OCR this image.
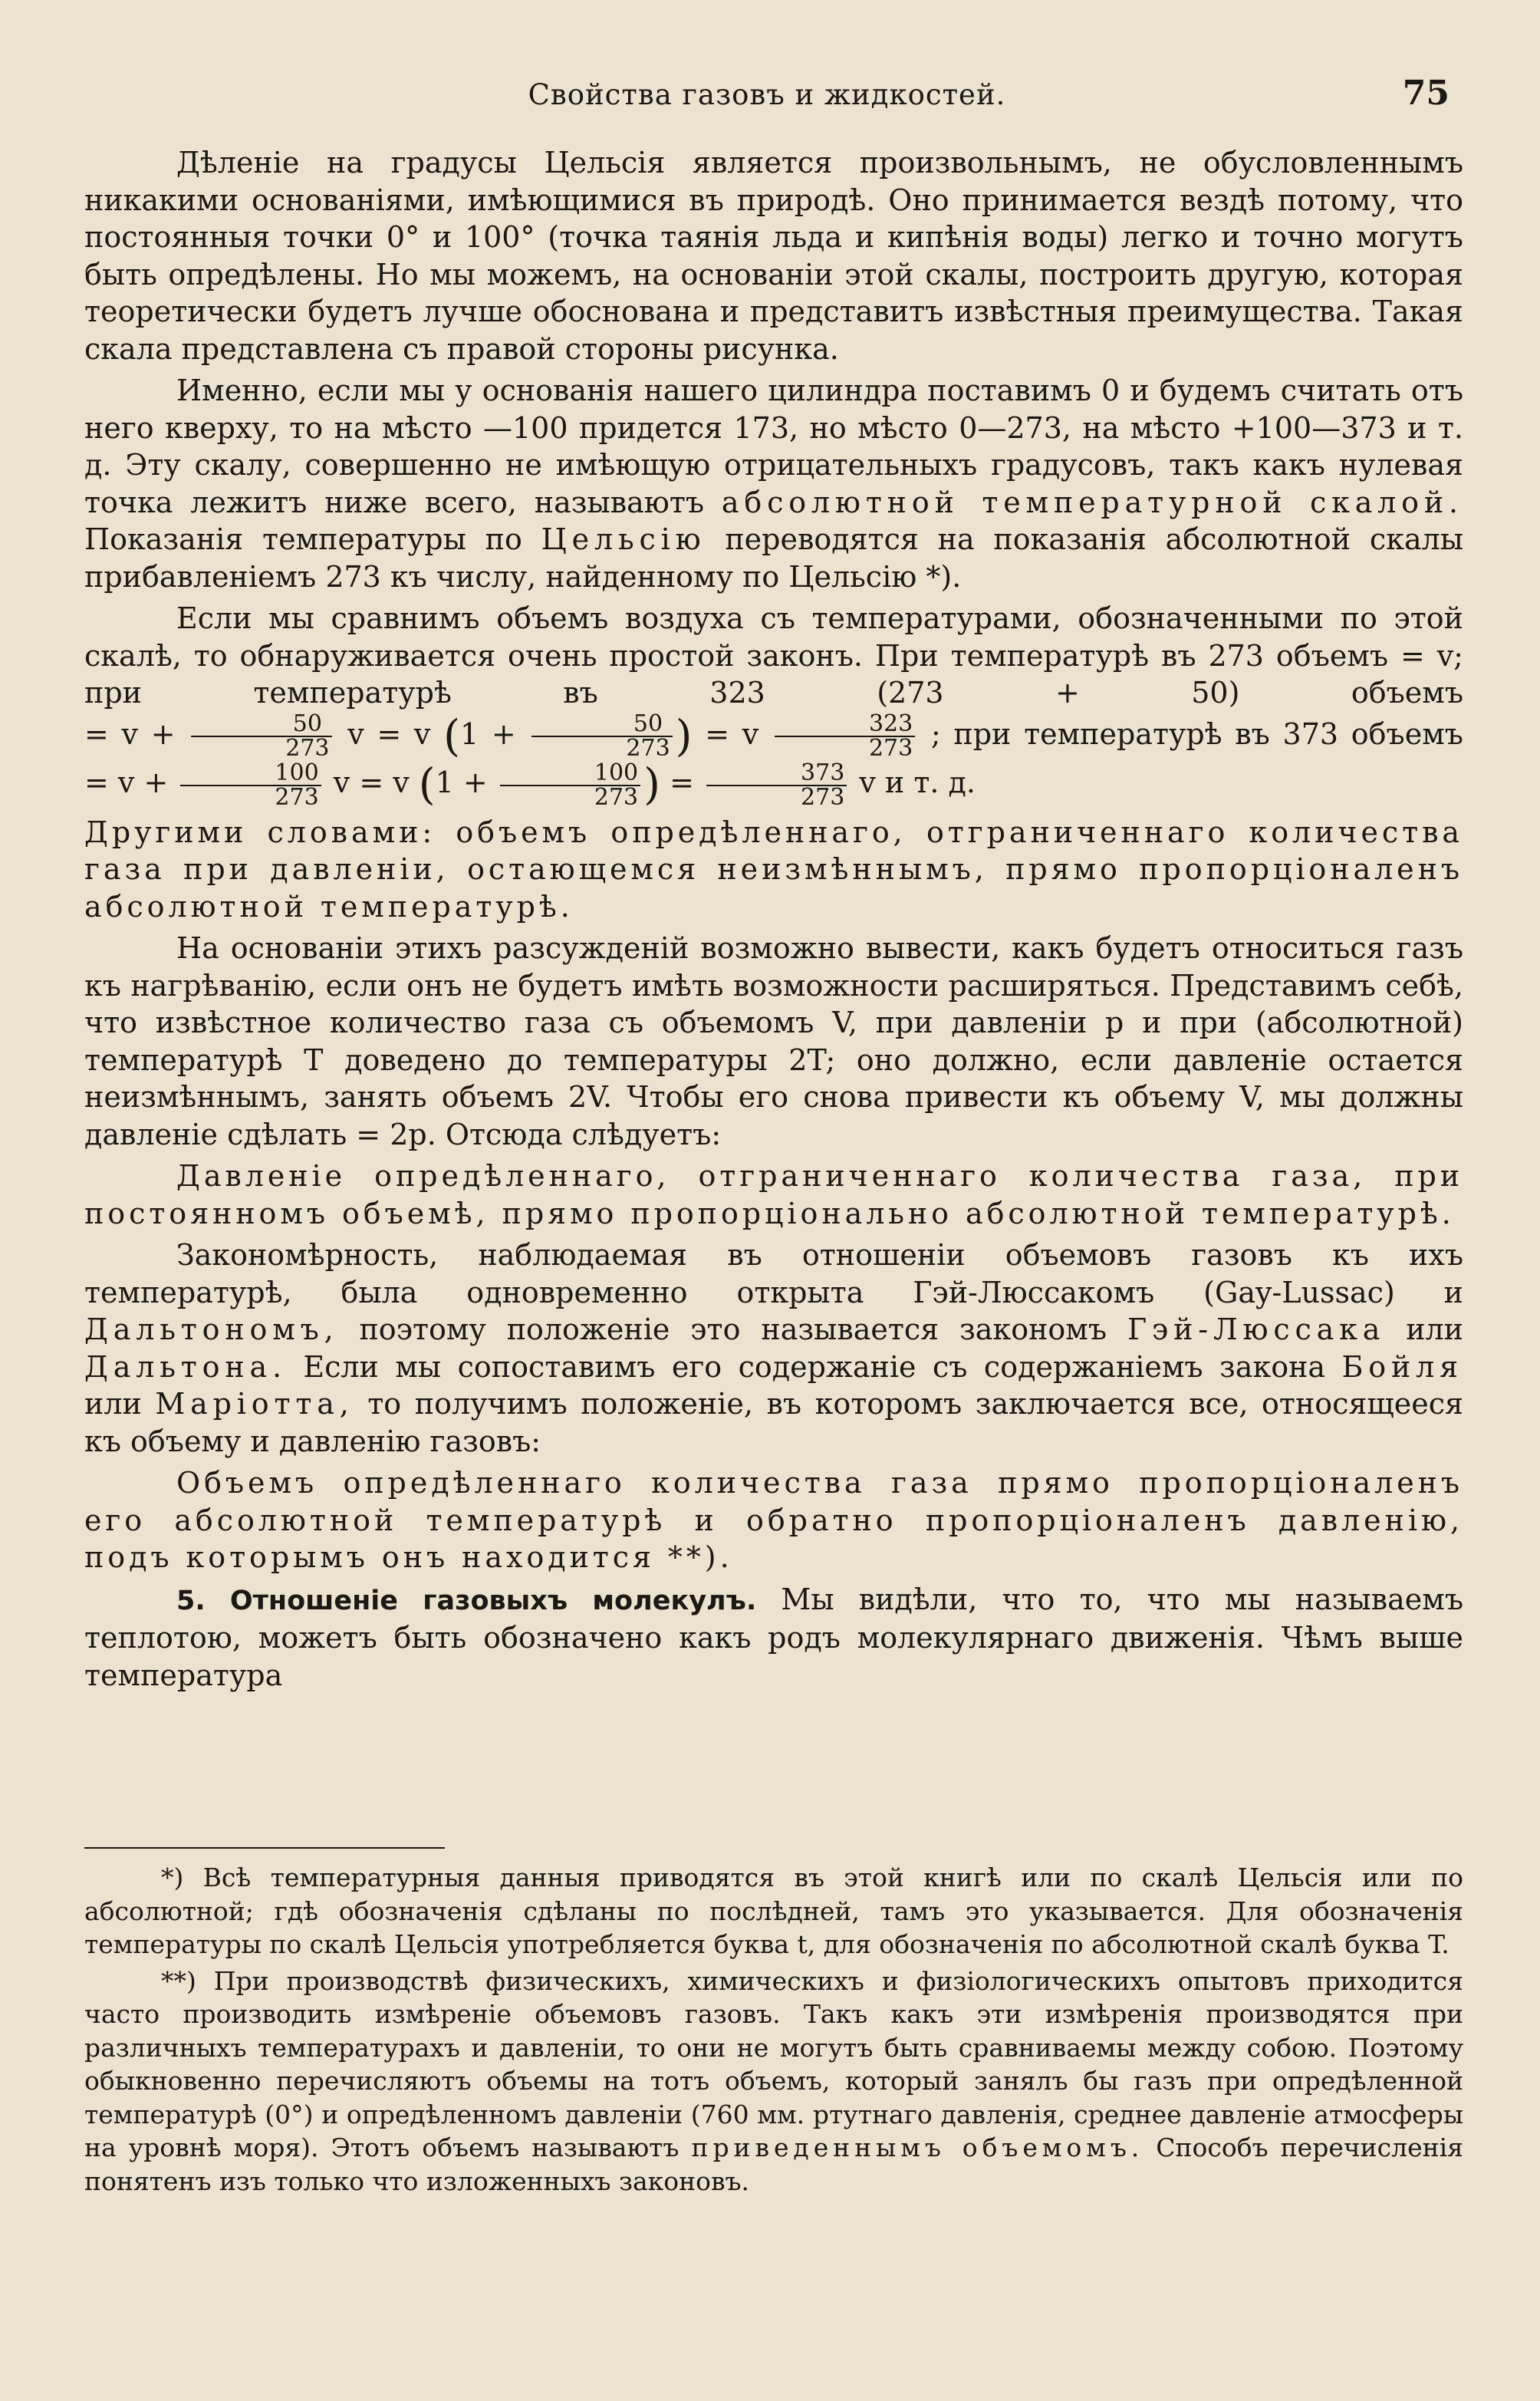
Свойства газовъ и жидкостей.	75

Дѣленіе на градусы Цельсія является произвольнымъ, не обусловленнымъ никакими основаніями, имѣющимися въ природѣ. Оно принимается вездѣ потому, что постоянныя точки 0° и 100° (точка таянія льда и кипѣнія воды) легко и точно могутъ быть опредѣлены. Но мы можемъ, на основаніи этой скалы, построить другую, которая теоретически будетъ лучше обоснована и представитъ извѣстныя преимущества. Такая скала представлена съ правой стороны рисунка.

Именно, если мы у основанія нашего цилиндра поставимъ 0 и будемъ считать отъ него кверху, то на мѣсто —100 придется 173, но мѣсто 0—273, на мѣсто +100—373 и т. д. Эту скалу, совершенно не имѣющую отрицательныхъ градусовъ, такъ какъ нулевая точка лежитъ ниже всего, называютъ абсолютной температурной скалой. Показанія температуры по Цельсію переводятся на показанія абсолютной скалы прибавленіемъ 273 къ числу, найденному по Цельсію *).

Если мы сравнимъ объемъ воздуха съ температурами, обозначенными по этой скалѣ, то обнаруживается очень простой законъ. При температурѣ въ 273 объемъ = v; при температурѣ въ 323 (273 + 50) объемъ = $v + \frac{50}{273}$ v = v ($1 + \frac{50}{273}$ ) = v $\frac{323}{273}$ ; при температурѣ въ 373 объемъ = $v + \frac{100}{273}$ v = v ($1 + \frac{100}{273}$ ) = $\frac{373}{273}$ v и т. д.

Другими словами: объемъ опредѣленнаго, отграниченнаго количества газа при давленіи, остающемся неизмѣннымъ, прямо пропорціоналенъ абсолютной температурѣ.

На основаніи этихъ разсужденій возможно вывести, какъ будетъ относиться газъ къ нагрѣванію, если онъ не будетъ имѣть возможности расширяться. Представимъ себѣ, что извѣстное количество газа съ объемомъ V, при давленіи p и при (абсолютной) температурѣ T доведено до температуры 2T; оно должно, если давленіе остается неизмѣннымъ, занять объемъ 2V. Чтобы его снова привести къ объему V, мы должны давленіе сдѣлать = 2p. Отсюда слѣдуетъ:

Давленіе опредѣленнаго, отграниченнаго количества газа, при постоянномъ объемѣ, прямо пропорціонально абсолютной температурѣ.

Закономѣрность, наблюдаемая въ отношеніи объемовъ газовъ къ ихъ температурѣ, была одновременно открыта Гэй-Люссакомъ (Gay-Lussac) и Дальтономъ, поэтому положеніе это называется закономъ Гэй-Люссака или Дальтона. Если мы сопоставимъ его содержаніе съ содержаніемъ закона Бойля или Маріотта, то получимъ положеніе, въ которомъ заключается все, относящееся къ объему и давленію газовъ:

Объемъ опредѣленнаго количества газа прямо пропорціоналенъ его абсолютной температурѣ и обратно пропорціоналенъ давленію, подъ которымъ онъ находится **).

5. Отношеніе газовыхъ молекулъ. Мы видѣли, что то, что мы называемъ теплотою, можетъ быть обозначено какъ родъ молекулярнаго движенія. Чѣмъ выше температура

*) Всѣ температурныя данныя приводятся въ этой книгѣ или по скалѣ Цельсія или по абсолютной; гдѣ обозначенія сдѣланы по послѣдней, тамъ это указывается. Для обозначенія температуры по скалѣ Цельсія употребляется буква t, для обозначенія по абсолютной скалѣ буква T.

**) При производствѣ физическихъ, химическихъ и физіологическихъ опытовъ приходится часто производить измѣреніе объемовъ газовъ. Такъ какъ эти измѣренія производятся при различныхъ температурахъ и давленіи, то они не могутъ быть сравниваемы между собою. Поэтому обыкновенно перечисляютъ объемы на тотъ объемъ, который занялъ бы газъ при опредѣленной температурѣ (0°) и опредѣленномъ давленіи (760 мм. ртутнаго давленія, среднее давленіе атмосферы на уровнѣ моря). Этотъ объемъ называютъ приведеннымъ объемомъ. Способъ перечисленія понятенъ изъ только что изложенныхъ законовъ.
